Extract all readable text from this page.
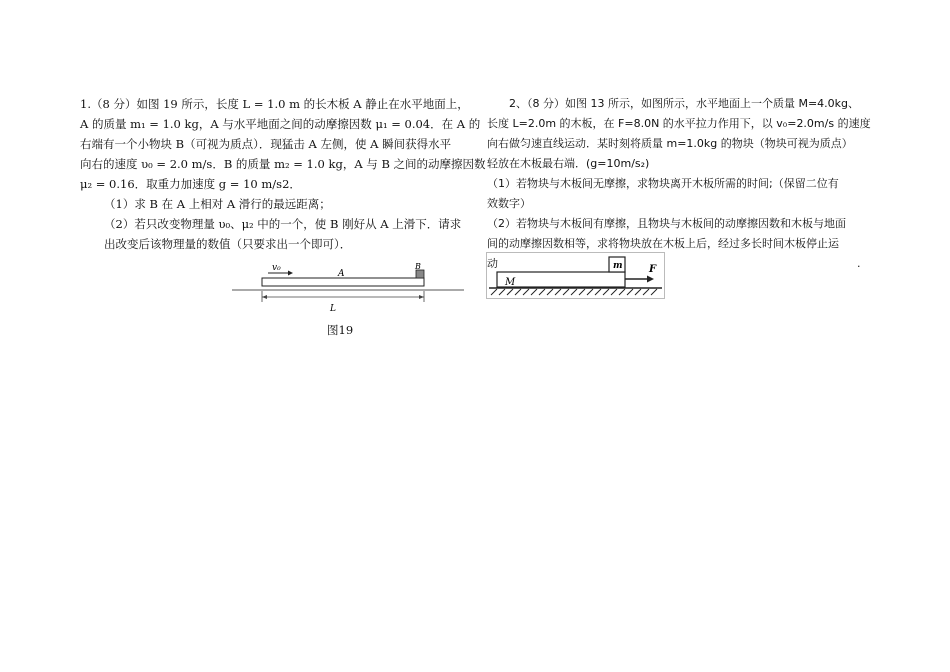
1.（8 分）如图 19 所示，长度 L = 1.0 m 的长木板 A 静止在水平地面上，
A 的质量 m₁ = 1.0 kg，A 与水平地面之间的动摩擦因数 μ₁ = 0.04．在 A 的
右端有一个小物块 B（可视为质点）．现猛击 A 左侧，使 A 瞬间获得水平
向右的速度 υ₀ = 2.0 m/s．B 的质量 m₂ = 1.0 kg，A 与 B 之间的动摩擦因数
μ₂ = 0.16．取重力加速度 g = 10 m/s2．
（1）求 B 在 A 上相对 A 滑行的最远距离；
（2）若只改变物理量 υ₀、μ₂ 中的一个，使 B 刚好从 A 上滑下．请求
出改变后该物理量的数值（只要求出一个即可）．
v₀
A
B
L
图19
2、（8 分）如图 13 所示，如图所示，水平地面上一个质量 M=4.0kg、
长度 L=2.0m 的木板，在 F=8.0N 的水平拉力作用下，以 v₀=2.0m/s 的速度
向右做匀速直线运动．某时刻将质量 m=1.0kg 的物块（物块可视为质点）
轻放在木板最右端．(g=10m/s₂)
（1）若物块与木板间无摩擦，求物块离开木板所需的时间;（保留二位有
效数字）
（2）若物块与木板间有摩擦，且物块与木板间的动摩擦因数和木板与地面
间的动摩擦因数相等，求将物块放在木板上后，经过多长时间木板停止运
动	.
m
M
F
